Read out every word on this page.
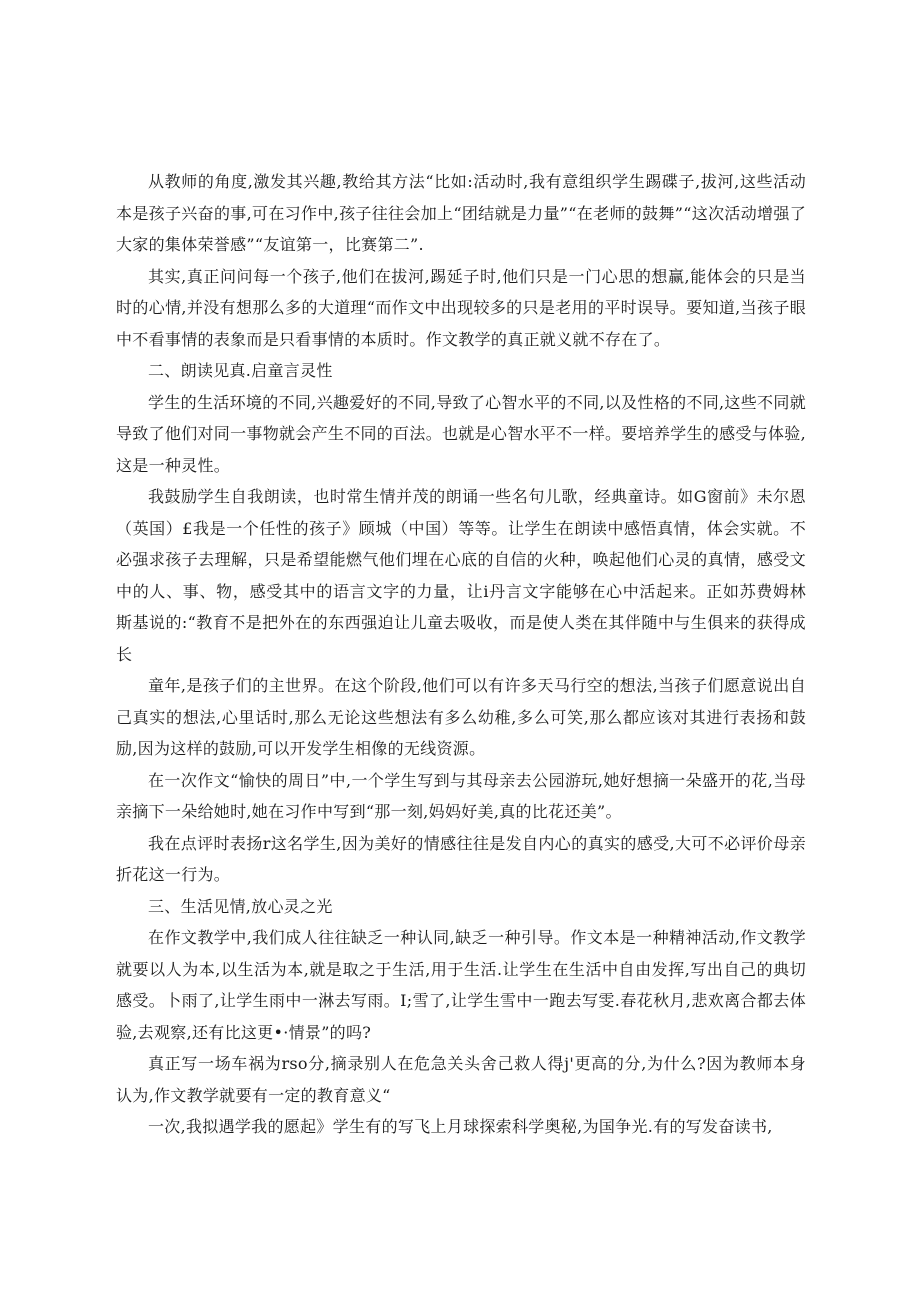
从教师的角度,激发其兴趣,教给其方法“比如:活动时,我有意组织学生踢碟子,拔河,这些活动本是孩子兴奋的事,可在习作中,孩子往往会加上“团结就是力量”“在老师的鼓舞”“这次活动增强了大家的集体荣誉感”“友谊第一，比赛第二”.

其实,真正问问每一个孩子,他们在拔河,踢延子时,他们只是一门心思的想赢,能体会的只是当时的心情,并没有想那么多的大道理“而作文中出现较多的只是老用的平时误导。要知道,当孩子眼中不看事情的表象而是只看事情的本质时。作文教学的真正就义就不存在了。

二、朗读见真.启童言灵性

学生的生活环境的不同,兴趣爱好的不同,导致了心智水平的不同,以及性格的不同,这些不同就导致了他们对同一事物就会产生不同的百法。也就是心智水平不一样。要培养学生的感受与体验,这是一种灵性。

我鼓励学生自我朗读，也时常生情并茂的朗诵一些名句儿歌，经典童诗。如G窗前》未尔恩（英国）£我是一个任性的孩子》顾城（中国）等等。让学生在朗读中感悟真情，体会实就。不必强求孩子去理解，只是希望能燃气他们埋在心底的自信的火种，唤起他们心灵的真情，感受文中的人、事、物，感受其中的语言文字的力量，让i丹言文字能够在心中活起来。正如苏费姆林斯基说的:“教育不是把外在的东西强迫让儿童去吸收，而是使人类在其伴随中与生俱来的获得成长

童年,是孩子们的主世界。在这个阶段,他们可以有许多天马行空的想法,当孩子们愿意说出自己真实的想法,心里话时,那么无论这些想法有多么幼稚,多么可笑,那么都应该对其进行表扬和鼓励,因为这样的鼓励,可以开发学生相像的无线资源。

在一次作文“愉快的周日”中,一个学生写到与其母亲去公园游玩,她好想摘一朵盛开的花,当母亲摘下一朵给她时,她在习作中写到“那一刻,妈妈好美,真的比花还美”。

我在点评时表扬r这名学生,因为美好的情感往往是发自内心的真实的感受,大可不必评价母亲折花这一行为。

三、生活见情,放心灵之光

在作文教学中,我们成人往往缺乏一种认同,缺乏一种引导。作文本是一种精神活动,作文教学就要以人为本,以生活为本,就是取之于生活,用于生活.让学生在生活中自由发挥,写出自己的典切感受。卜雨了,让学生雨中一淋去写雨。I;雪了,让学生雪中一跑去写雯.春花秋月,悲欢离合都去体验,去观察,还有比这更•·情景”的吗?

真正写一场车祸为rso分,摘录别人在危急关头舍己救人得j'更高的分,为什么?因为教师本身认为,作文教学就要有一定的教育意义“

一次,我拟遇学我的愿起》学生有的写飞上月球探索科学奥秘,为国争光.有的写发奋读书,
